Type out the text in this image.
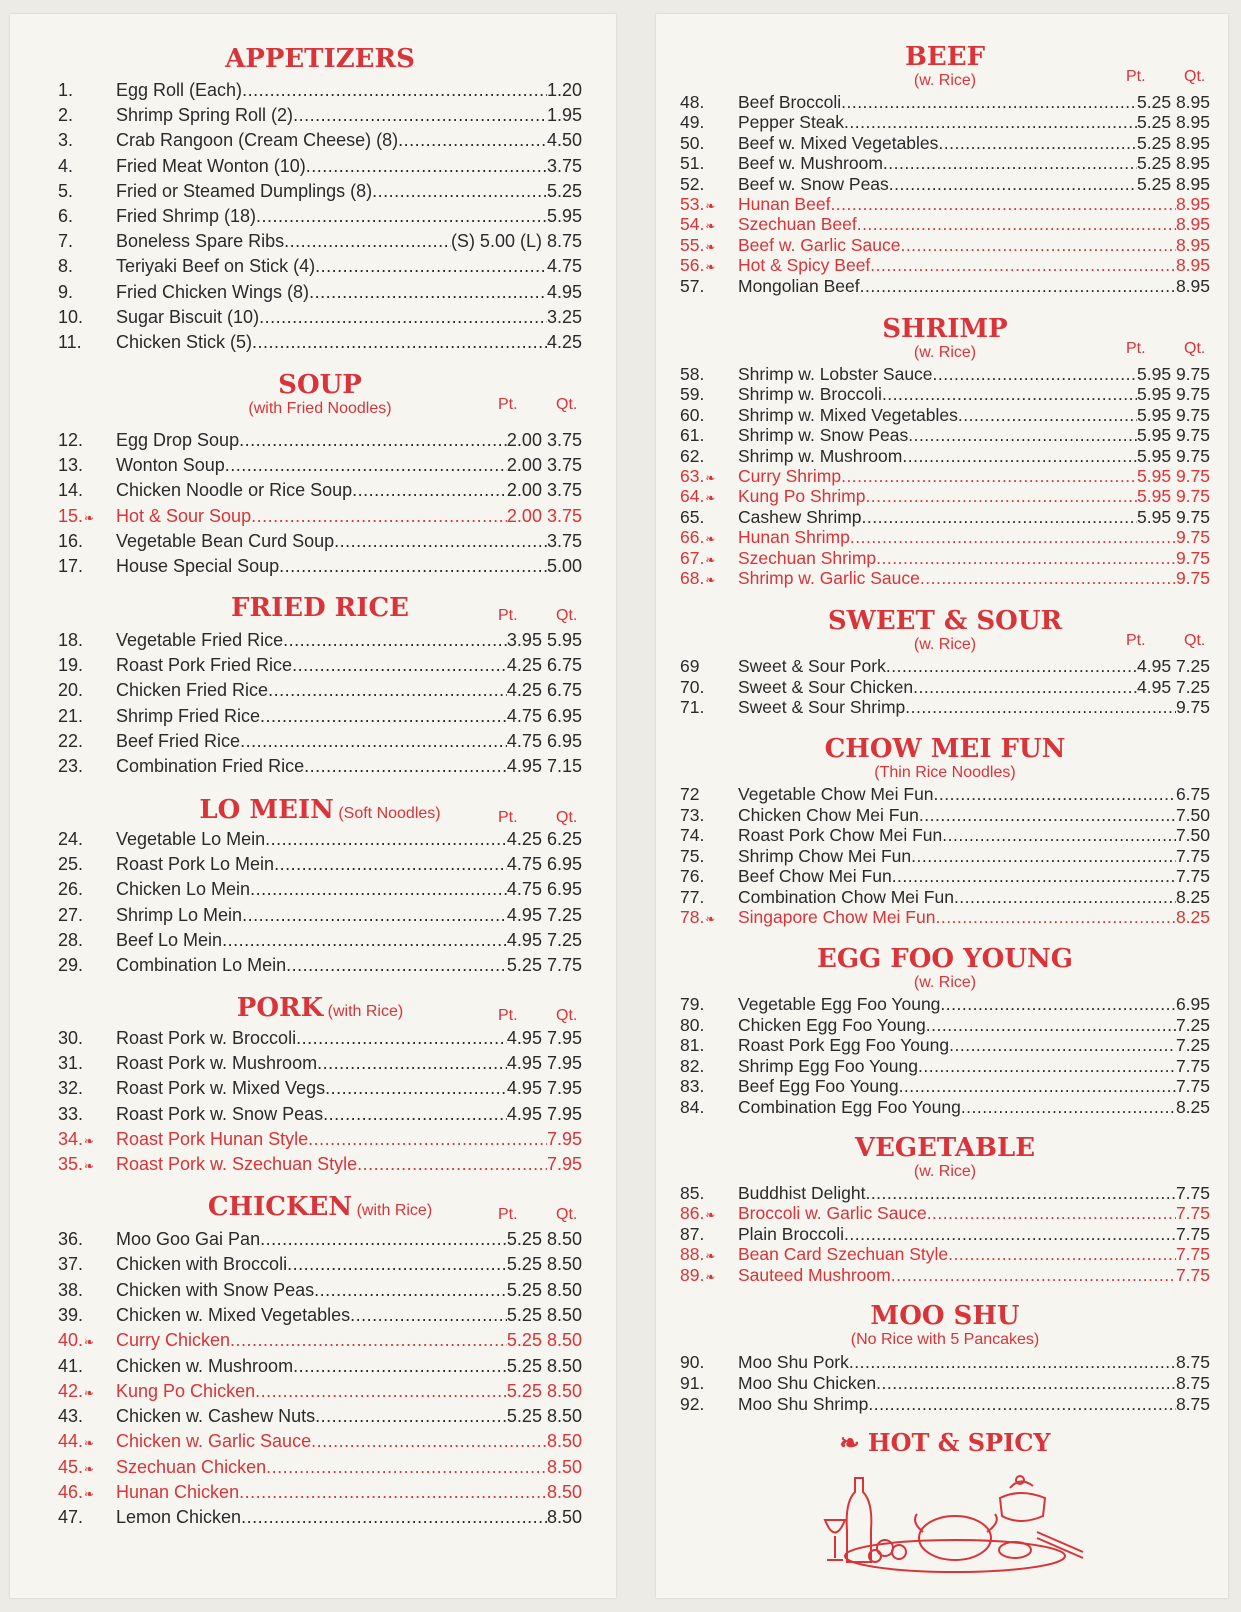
APPETIZERS
1.	Egg Roll (Each) .....	1.20
2.	Shrimp Spring Roll (2) .....	1.95
3.	Crab Rangoon (Cream Cheese) (8) .....	4.50
4.	Fried Meat Wonton (10) .....	3.75
5.	Fried or Steamed Dumplings (8) .....	5.25
6.	Fried Shrimp (18) .....	5.95
7.	Boneless Spare Ribs .....	(S) 5.00 (L) 8.75
8.	Teriyaki Beef on Stick (4) .....	4.75
9.	Fried Chicken Wings (8) .....	4.95
10.	Sugar Biscuit (10) .....	3.25
11.	Chicken Stick (5) .....	4.25
SOUP
(with Fried Noodles)	Pt. Qt.
12.	Egg Drop Soup .....	2.00 3.75
13.	Wonton Soup .....	2.00 3.75
14.	Chicken Noodle or Rice Soup .....	2.00 3.75
15.❧	Hot & Sour Soup .....	2.00 3.75
16.	Vegetable Bean Curd Soup .....	3.75
17.	House Special Soup .....	5.00
FRIED RICE	Pt. Qt.
18.	Vegetable Fried Rice .....	3.95 5.95
19.	Roast Pork Fried Rice .....	4.25 6.75
20.	Chicken Fried Rice .....	4.25 6.75
21.	Shrimp Fried Rice .....	4.75 6.95
22.	Beef Fried Rice .....	4.75 6.95
23.	Combination Fried Rice .....	4.95 7.15
LO MEIN (Soft Noodles)	Pt. Qt.
24.	Vegetable Lo Mein .....	4.25 6.25
25.	Roast Pork Lo Mein .....	4.75 6.95
26.	Chicken Lo Mein .....	4.75 6.95
27.	Shrimp Lo Mein .....	4.95 7.25
28.	Beef Lo Mein .....	4.95 7.25
29.	Combination Lo Mein .....	5.25 7.75
PORK (with Rice)	Pt. Qt.
30.	Roast Pork w. Broccoli .....	4.95 7.95
31.	Roast Pork w. Mushroom .....	4.95 7.95
32.	Roast Pork w. Mixed Vegs .....	4.95 7.95
33.	Roast Pork w. Snow Peas .....	4.95 7.95
34.❧	Roast Pork Hunan Style .....	7.95
35.❧	Roast Pork w. Szechuan Style .....	7.95
CHICKEN (with Rice)	Pt. Qt.
36.	Moo Goo Gai Pan .....	5.25 8.50
37.	Chicken with Broccoli .....	5.25 8.50
38.	Chicken with Snow Peas .....	5.25 8.50
39.	Chicken w. Mixed Vegetables .....	5.25 8.50
40.❧	Curry Chicken .....	5.25 8.50
41.	Chicken w. Mushroom .....	5.25 8.50
42.❧	Kung Po Chicken .....	5.25 8.50
43.	Chicken w. Cashew Nuts .....	5.25 8.50
44.❧	Chicken w. Garlic Sauce .....	8.50
45.❧	Szechuan Chicken .....	8.50
46.❧	Hunan Chicken .....	8.50
47.	Lemon Chicken .....	8.50
BEEF
(w. Rice)	Pt. Qt.
48.	Beef Broccoli .....	5.25 8.95
49.	Pepper Steak .....	5.25 8.95
50.	Beef w. Mixed Vegetables .....	5.25 8.95
51.	Beef w. Mushroom .....	5.25 8.95
52.	Beef w. Snow Peas .....	5.25 8.95
53.❧	Hunan Beef .....	8.95
54.❧	Szechuan Beef .....	8.95
55.❧	Beef w. Garlic Sauce .....	8.95
56.❧	Hot & Spicy Beef .....	8.95
57.	Mongolian Beef .....	8.95
SHRIMP
(w. Rice)	Pt. Qt.
58.	Shrimp w. Lobster Sauce .....	5.95 9.75
59.	Shrimp w. Broccoli .....	5.95 9.75
60.	Shrimp w. Mixed Vegetables .....	5.95 9.75
61.	Shrimp w. Snow Peas .....	5.95 9.75
62.	Shrimp w. Mushroom .....	5.95 9.75
63.❧	Curry Shrimp .....	5.95 9.75
64.❧	Kung Po Shrimp .....	5.95 9.75
65.	Cashew Shrimp .....	5.95 9.75
66.❧	Hunan Shrimp .....	9.75
67.❧	Szechuan Shrimp .....	9.75
68.❧	Shrimp w. Garlic Sauce .....	9.75
SWEET & SOUR
(w. Rice)	Pt. Qt.
69	Sweet & Sour Pork .....	4.95 7.25
70.	Sweet & Sour Chicken .....	4.95 7.25
71.	Sweet & Sour Shrimp .....	9.75
CHOW MEI FUN
(Thin Rice Noodles)
72	Vegetable Chow Mei Fun .....	6.75
73.	Chicken Chow Mei Fun .....	7.50
74.	Roast Pork Chow Mei Fun .....	7.50
75.	Shrimp Chow Mei Fun .....	7.75
76.	Beef Chow Mei Fun .....	7.75
77.	Combination Chow Mei Fun .....	8.25
78.❧	Singapore Chow Mei Fun .....	8.25
EGG FOO YOUNG
(w. Rice)
79.	Vegetable Egg Foo Young .....	6.95
80.	Chicken Egg Foo Young .....	7.25
81.	Roast Pork Egg Foo Young .....	7.25
82.	Shrimp Egg Foo Young .....	7.75
83.	Beef Egg Foo Young .....	7.75
84.	Combination Egg Foo Young .....	8.25
VEGETABLE
(w. Rice)
85.	Buddhist Delight .....	7.75
86.❧	Broccoli w. Garlic Sauce .....	7.75
87.	Plain Broccoli .....	7.75
88.❧	Bean Card Szechuan Style .....	7.75
89.❧	Sauteed Mushroom .....	7.75
MOO SHU
(No Rice with 5 Pancakes)
90.	Moo Shu Pork .....	8.75
91.	Moo Shu Chicken .....	8.75
92.	Moo Shu Shrimp .....	8.75
❧ HOT & SPICY
